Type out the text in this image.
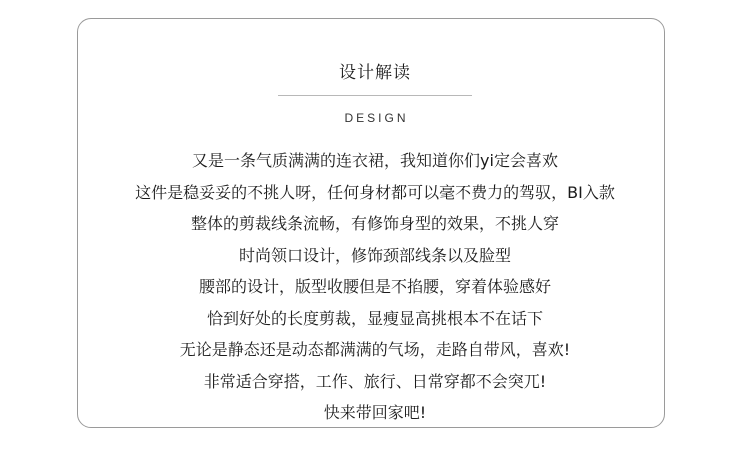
设计解读
DESIGN
又是一条气质满满的连衣裙，我知道你们yi定会喜欢
这件是稳妥妥的不挑人呀，任何身材都可以毫不费力的驾驭，BI入款
整体的剪裁线条流畅，有修饰身型的效果，不挑人穿
时尚领口设计，修饰颈部线条以及脸型
腰部的设计，版型收腰但是不掐腰，穿着体验感好
恰到好处的长度剪裁，显瘦显高挑根本不在话下
无论是静态还是动态都满满的气场，走路自带风，喜欢!
非常适合穿搭，工作、旅行、日常穿都不会突兀!
快来带回家吧!
